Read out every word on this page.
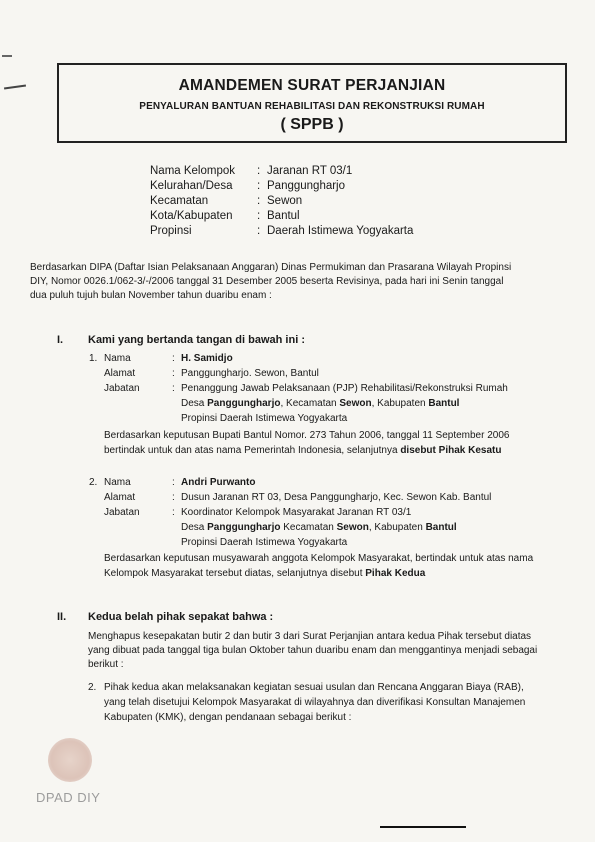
AMANDEMEN SURAT PERJANJIAN
PENYALURAN BANTUAN REHABILITASI DAN REKONSTRUKSI RUMAH
( SPPB )
Nama Kelompok : Jaranan RT 03/1
Kelurahan/Desa : Panggungharjo
Kecamatan	: Sewon
Kota/Kabupaten : Bantul
Propinsi	: Daerah Istimewa Yogyakarta
Berdasarkan DIPA (Daftar Isian Pelaksanaan Anggaran) Dinas Permukiman dan Prasarana Wilayah Propinsi
DIY, Nomor 0026.1/062-3/-/2006 tanggal 31 Desember 2005 beserta Revisinya, pada hari ini Senin tanggal
dua puluh tujuh bulan November tahun duaribu enam :
I. Kami yang bertanda tangan di bawah ini :
1. Nama	: H. Samidjo
Alamat	: Panggungharjo. Sewon, Bantul
Jabatan	: Penanggung Jawab Pelaksanaan (PJP) Rehabilitasi/Rekonstruksi Rumah
Desa Panggungharjo, Kecamatan Sewon, Kabupaten Bantul
Propinsi Daerah Istimewa Yogyakarta
Berdasarkan keputusan Bupati Bantul Nomor. 273 Tahun 2006, tanggal 11 September 2006
bertindak untuk dan atas nama Pemerintah Indonesia, selanjutnya disebut Pihak Kesatu
2. Nama	: Andri Purwanto
Alamat	: Dusun Jaranan RT 03, Desa Panggungharjo, Kec. Sewon Kab. Bantul
Jabatan	: Koordinator Kelompok Masyarakat Jaranan RT 03/1
Desa Panggungharjo Kecamatan Sewon, Kabupaten Bantul
Propinsi Daerah Istimewa Yogyakarta
Berdasarkan keputusan musyawarah anggota Kelompok Masyarakat, bertindak untuk atas nama
Kelompok Masyarakat tersebut diatas, selanjutnya disebut Pihak Kedua
II. Kedua belah pihak sepakat bahwa :
Menghapus kesepakatan butir 2 dan butir 3 dari Surat Perjanjian antara kedua Pihak tersebut diatas
yang dibuat pada tanggal tiga bulan Oktober tahun duaribu enam dan menggantinya menjadi sebagai
berikut :
2. Pihak kedua akan melaksanakan kegiatan sesuai usulan dan Rencana Anggaran Biaya (RAB),
yang telah disetujui Kelompok Masyarakat di wilayahnya dan diverifikasi Konsultan Manajemen
Kabupaten (KMK), dengan pendanaan sebagai berikut :
DPAD DIY
